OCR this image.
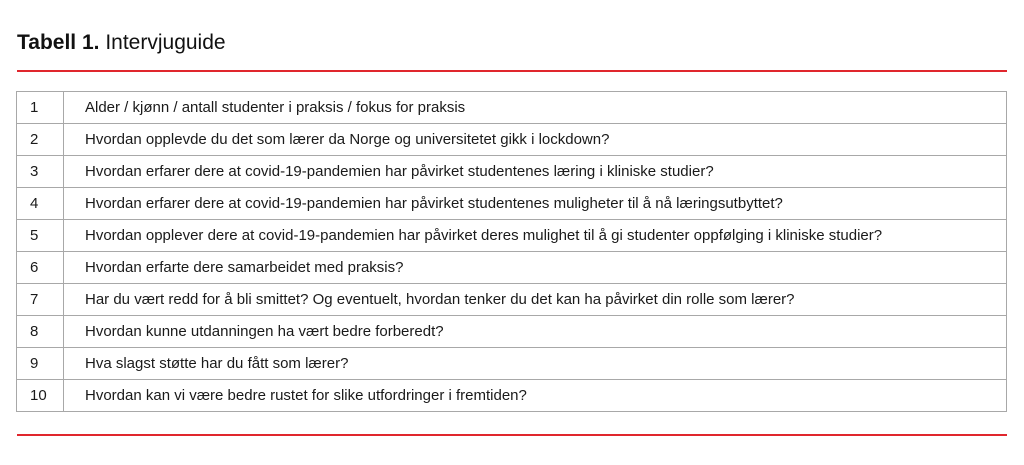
Tabell 1. Intervjuguide
1	Alder / kjønn / antall studenter i praksis / fokus for praksis
2	Hvordan opplevde du det som lærer da Norge og universitetet gikk i lockdown?
3	Hvordan erfarer dere at covid-19-pandemien har påvirket studentenes læring i kliniske studier?
4	Hvordan erfarer dere at covid-19-pandemien har påvirket studentenes muligheter til å nå læringsutbyttet?
5	Hvordan opplever dere at covid-19-pandemien har påvirket deres mulighet til å gi studenter oppfølging i kliniske studier?
6	Hvordan erfarte dere samarbeidet med praksis?
7	Har du vært redd for å bli smittet? Og eventuelt, hvordan tenker du det kan ha påvirket din rolle som lærer?
8	Hvordan kunne utdanningen ha vært bedre forberedt?
9	Hva slagst støtte har du fått som lærer?
10	Hvordan kan vi være bedre rustet for slike utfordringer i fremtiden?
